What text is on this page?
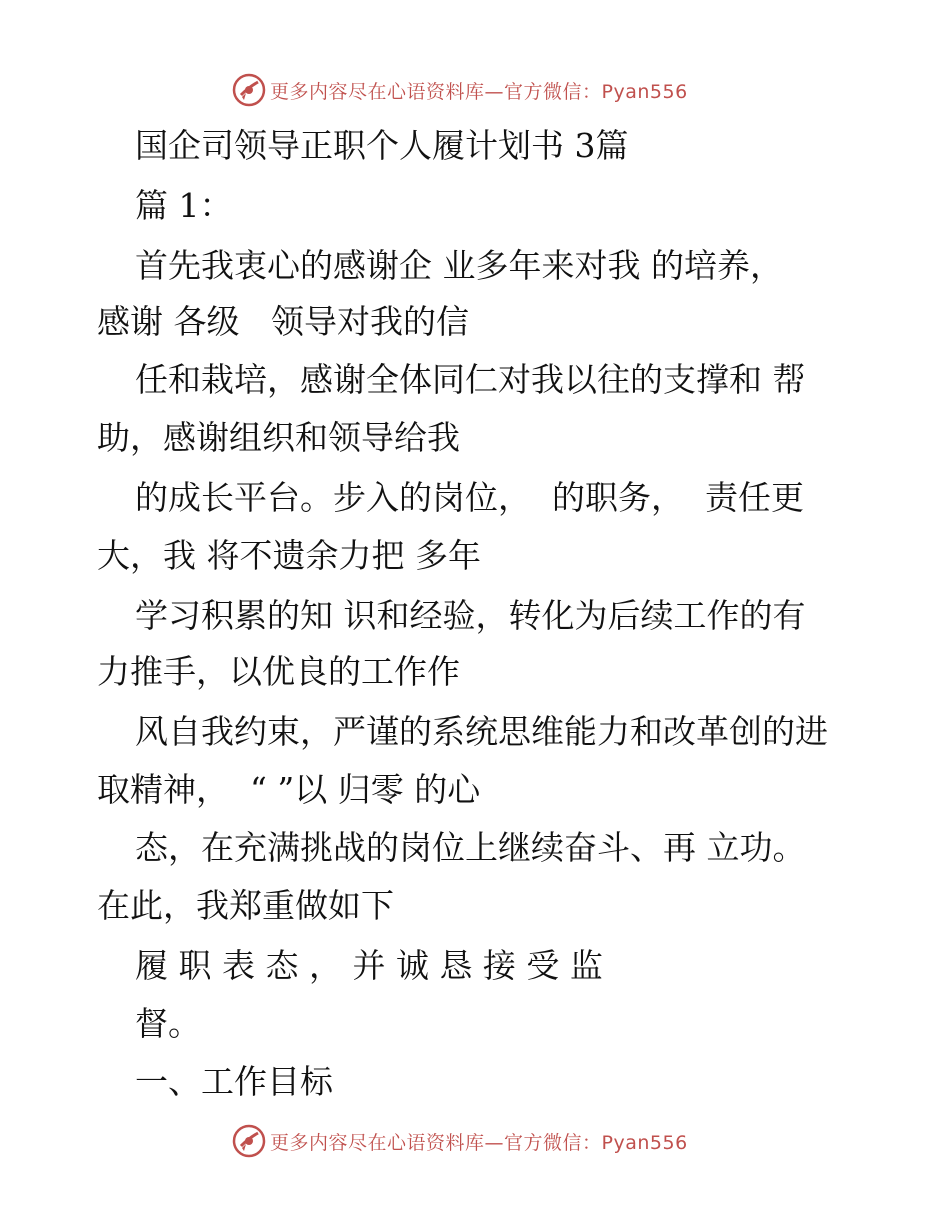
更多内容尽在心语资料库—官方微信：Pyan556

国企司领导正职个人履计划书 3篇

篇 1：

首先我衷心的感谢企 业多年来对我 的培养，

感谢 各级   领导对我的信

任和栽培，感谢全体同仁对我以往的支撑和 帮

助，感谢组织和领导给我

的成长平台。步入的岗位，  的职务，  责任更

大，我 将不遗余力把 多年

学习积累的知 识和经验，转化为后续工作的有

力推手，以优良的工作作

风自我约束，严谨的系统思维能力和改革创的进

取精神，  “ ”以 归零 的心

态，在充满挑战的岗位上继续奋斗、再 立功。

在此，我郑重做如下

履 职 表 态 ， 并 诚 恳 接 受 监

督。

一、工作目标

更多内容尽在心语资料库—官方微信：Pyan556
